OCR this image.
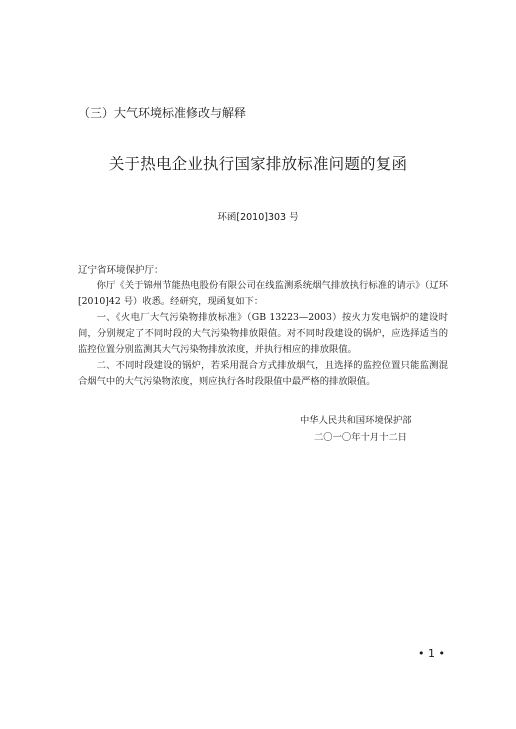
（三）大气环境标准修改与解释
关于热电企业执行国家排放标准问题的复函
环函[2010]303 号
辽宁省环境保护厅：

你厅《关于锦州节能热电股份有限公司在线监测系统烟气排放执行标准的请示》（辽环[2010]42 号）收悉。经研究，现函复如下：

一、《火电厂大气污染物排放标准》（GB 13223—2003）按火力发电锅炉的建设时间，分别规定了不同时段的大气污染物排放限值。对不同时段建设的锅炉，应选择适当的监控位置分别监测其大气污染物排放浓度，并执行相应的排放限值。

二、不同时段建设的锅炉，若采用混合方式排放烟气，且选择的监控位置只能监测混合烟气中的大气污染物浓度，则应执行各时段限值中最严格的排放限值。

中华人民共和国环境保护部
二〇一〇年十月十二日
• 1 •
